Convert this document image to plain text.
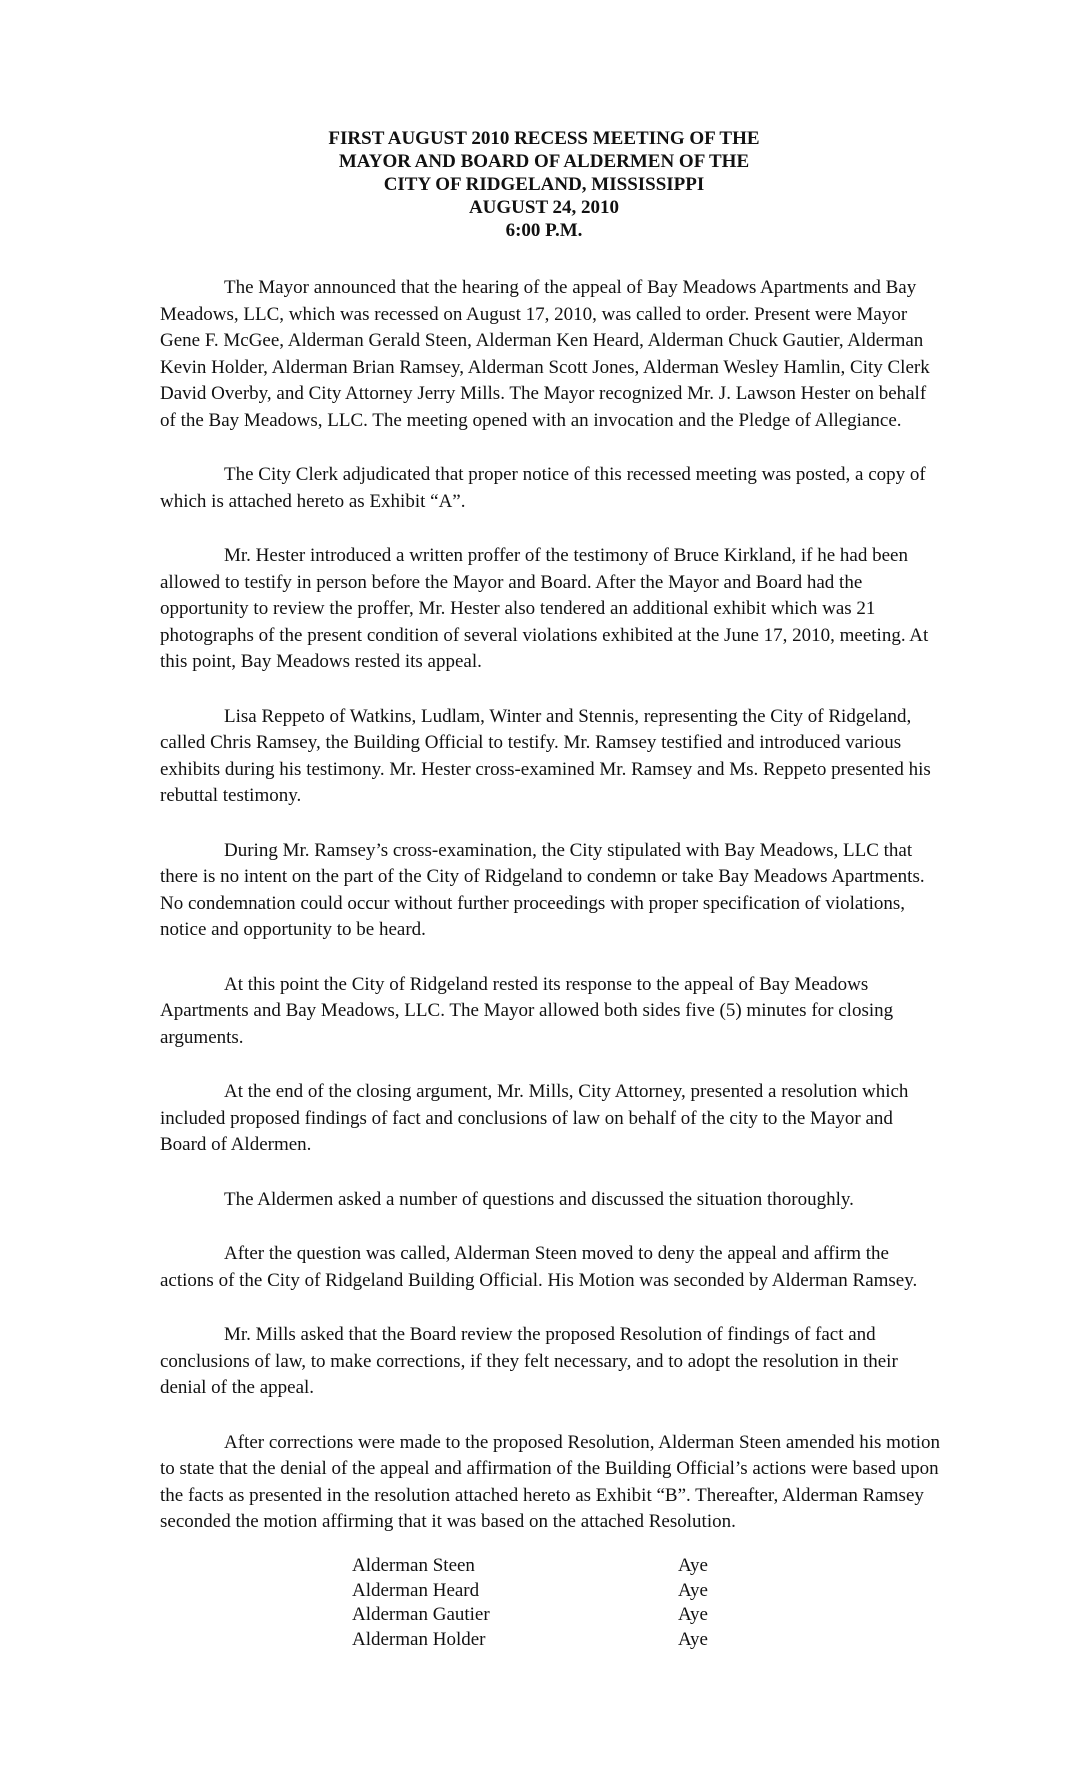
FIRST AUGUST 2010 RECESS MEETING OF THE
MAYOR AND BOARD OF ALDERMEN OF THE
CITY OF RIDGELAND, MISSISSIPPI
AUGUST 24, 2010
6:00 P.M.

The Mayor announced that the hearing of the appeal of Bay Meadows Apartments and Bay Meadows, LLC, which was recessed on August 17, 2010, was called to order. Present were Mayor Gene F. McGee, Alderman Gerald Steen, Alderman Ken Heard, Alderman Chuck Gautier, Alderman Kevin Holder, Alderman Brian Ramsey, Alderman Scott Jones, Alderman Wesley Hamlin, City Clerk David Overby, and City Attorney Jerry Mills. The Mayor recognized Mr. J. Lawson Hester on behalf of the Bay Meadows, LLC. The meeting opened with an invocation and the Pledge of Allegiance.

The City Clerk adjudicated that proper notice of this recessed meeting was posted, a copy of which is attached hereto as Exhibit “A”.

Mr. Hester introduced a written proffer of the testimony of Bruce Kirkland, if he had been allowed to testify in person before the Mayor and Board. After the Mayor and Board had the opportunity to review the proffer, Mr. Hester also tendered an additional exhibit which was 21 photographs of the present condition of several violations exhibited at the June 17, 2010, meeting. At this point, Bay Meadows rested its appeal.

Lisa Reppeto of Watkins, Ludlam, Winter and Stennis, representing the City of Ridgeland, called Chris Ramsey, the Building Official to testify. Mr. Ramsey testified and introduced various exhibits during his testimony. Mr. Hester cross-examined Mr. Ramsey and Ms. Reppeto presented his rebuttal testimony.

During Mr. Ramsey’s cross-examination, the City stipulated with Bay Meadows, LLC that there is no intent on the part of the City of Ridgeland to condemn or take Bay Meadows Apartments. No condemnation could occur without further proceedings with proper specification of violations, notice and opportunity to be heard.

At this point the City of Ridgeland rested its response to the appeal of Bay Meadows Apartments and Bay Meadows, LLC. The Mayor allowed both sides five (5) minutes for closing arguments.

At the end of the closing argument, Mr. Mills, City Attorney, presented a resolution which included proposed findings of fact and conclusions of law on behalf of the city to the Mayor and Board of Aldermen.

The Aldermen asked a number of questions and discussed the situation thoroughly.

After the question was called, Alderman Steen moved to deny the appeal and affirm the actions of the City of Ridgeland Building Official. His Motion was seconded by Alderman Ramsey.

Mr. Mills asked that the Board review the proposed Resolution of findings of fact and conclusions of law, to make corrections, if they felt necessary, and to adopt the resolution in their denial of the appeal.

After corrections were made to the proposed Resolution, Alderman Steen amended his motion to state that the denial of the appeal and affirmation of the Building Official’s actions were based upon the facts as presented in the resolution attached hereto as Exhibit “B”. Thereafter, Alderman Ramsey seconded the motion affirming that it was based on the attached Resolution.

Alderman Steen	Aye
Alderman Heard	Aye
Alderman Gautier	Aye
Alderman Holder	Aye
